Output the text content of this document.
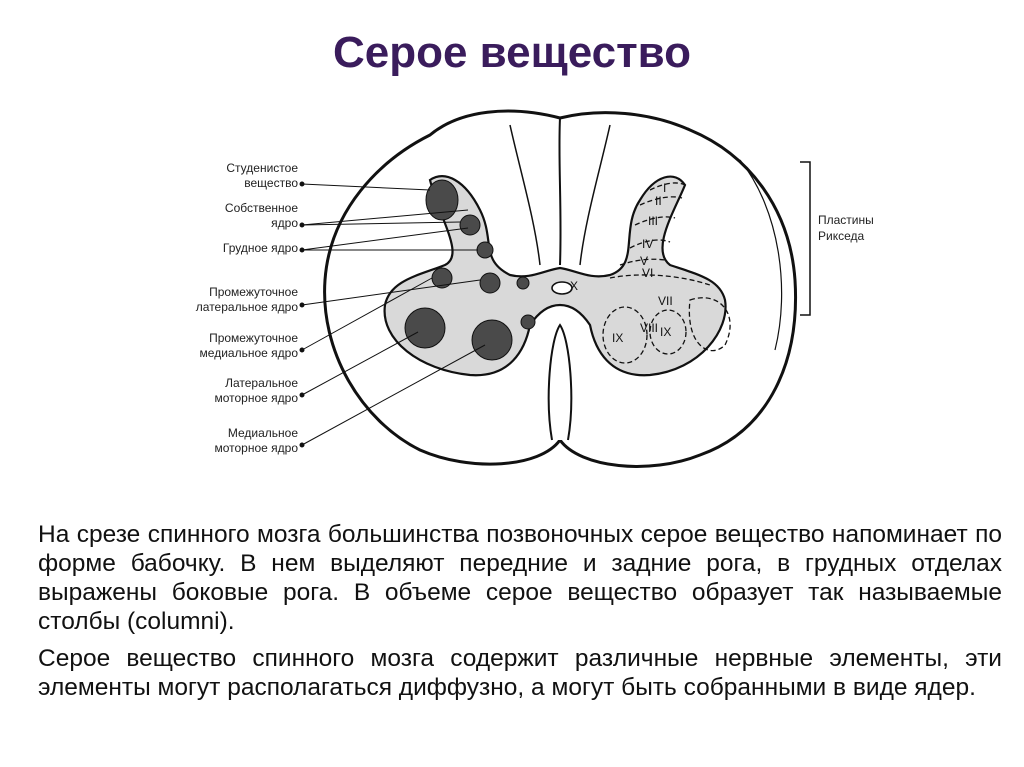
Серое вещество
I
II
III
IV
V
VI
VII
VIII
IX	IX
X
Студенистое
вещество
Собственное
ядро
Грудное ядро
Промежуточное
латеральное ядро
Промежуточное
медиальное ядро
Латеральное
моторное ядро
Медиальное
моторное ядро
Пластины
Рикседа

На срезе спинного мозга большинства позвоночных серое вещество напоминает по форме бабочку. В нем выделяют передние и задние рога, в грудных отделах выражены боковые рога. В объеме серое вещество образует так называемые столбы (columni).

Серое вещество спинного мозга содержит различные нервные элементы, эти элементы могут располагаться диффузно, а могут быть собранными в виде ядер.
